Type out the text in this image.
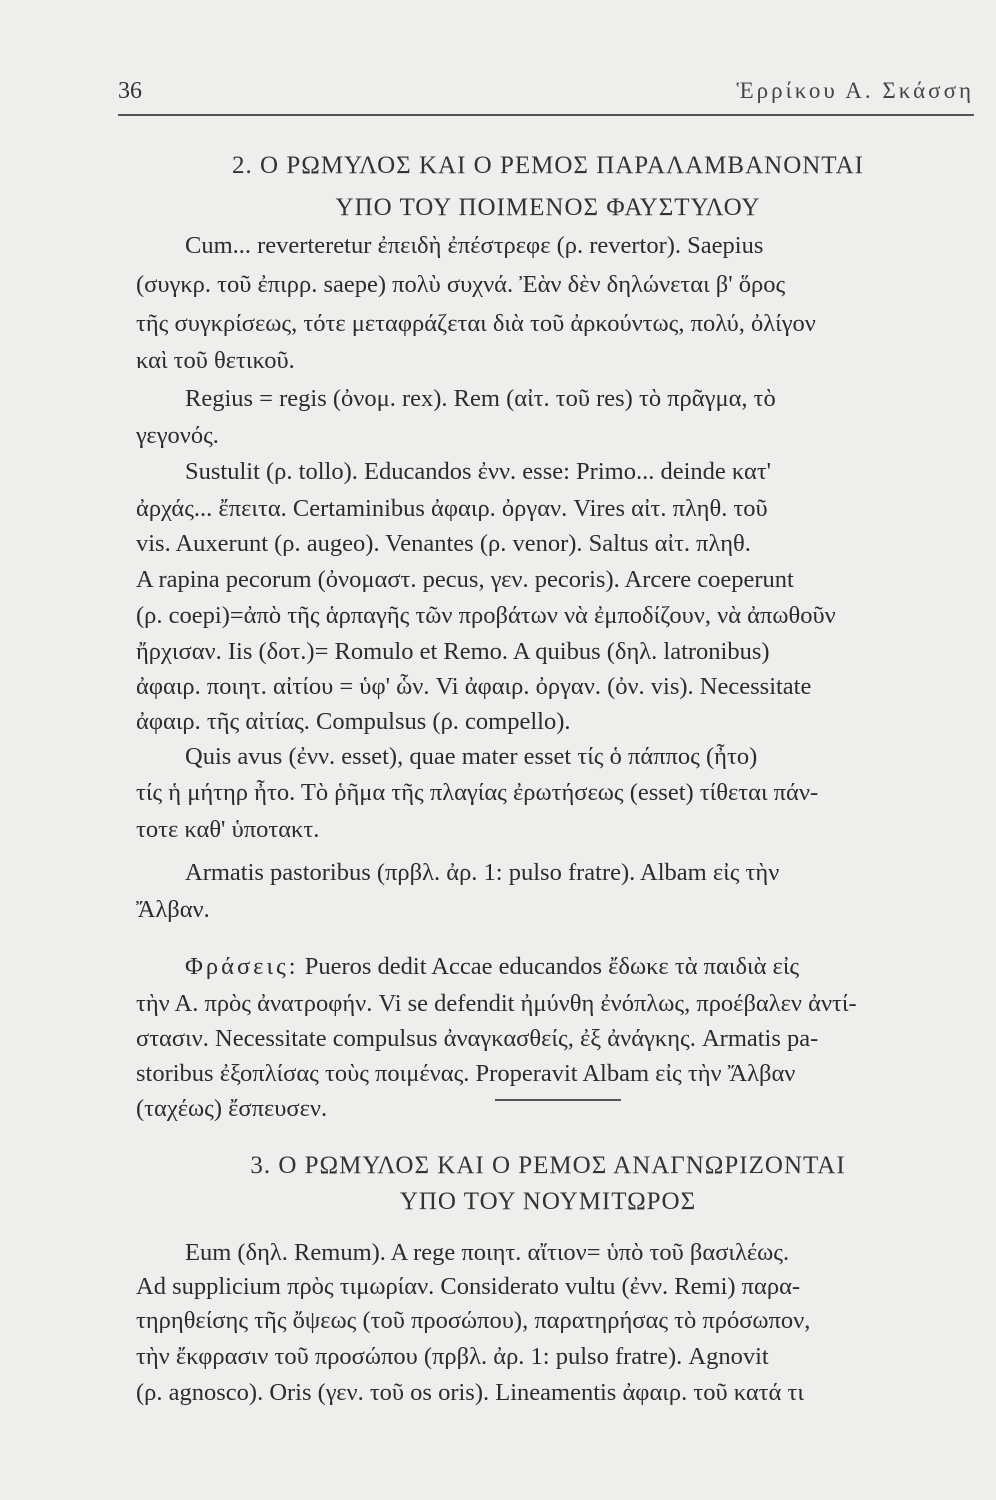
36	Ἑρρίκου Α. Σκάσση
2. Ο ΡΩΜΥΛΟΣ ΚΑΙ Ο ΡΕΜΟΣ ΠΑΡΑΛΑΜΒΑΝΟΝΤΑΙ
ΥΠΟ ΤΟΥ ΠΟΙΜΕΝΟΣ ΦΑΥΣΤΥΛΟΥ
Cum... reverteretur ἐπειδὴ ἐπέστρεφε (ρ. revertor). Saepius
(συγκρ. τοῦ ἐπιρρ. saepe) πολὺ συχνά. Ἐὰν δὲν δηλώνεται β' ὅρος
τῆς συγκρίσεως, τότε μεταφράζεται διὰ τοῦ ἀρκούντως, πολύ, ὀλίγον
καὶ τοῦ θετικοῦ.
Regius = regis (ὀνομ. rex). Rem (αἰτ. τοῦ res) τὸ πρᾶγμα, τὸ
γεγονός.
Sustulit (ρ. tollo). Educandos ἐνν. esse: Primo... deinde κατ'
ἀρχάς... ἔπειτα. Certaminibus ἀφαιρ. ὀργαν. Vires αἰτ. πληθ. τοῦ
vis. Auxerunt (ρ. augeo). Venantes (ρ. venor). Saltus αἰτ. πληθ.
A rapina pecorum (ὀνομαστ. pecus, γεν. pecoris). Arcere coeperunt
(ρ. coepi)=ἀπὸ τῆς ἁρπαγῆς τῶν προβάτων νὰ ἐμποδίζουν, νὰ ἀπωθοῦν
ἤρχισαν. Iis (δοτ.)= Romulo et Remo. A quibus (δηλ. latronibus)
ἀφαιρ. ποιητ. αἰτίου = ὑφ' ὧν. Vi ἀφαιρ. ὀργαν. (ὀν. vis). Necessitate
ἀφαιρ. τῆς αἰτίας. Compulsus (ρ. compello).
Quis avus (ἐνν. esset), quae mater esset τίς ὁ πάππος (ἦτο)
τίς ἡ μήτηρ ἦτο. Τὸ ῥῆμα τῆς πλαγίας ἐρωτήσεως (esset) τίθεται πάν-
τοτε καθ' ὑποτακτ.
Armatis pastoribus (πρβλ. ἀρ. 1: pulso fratre). Albam εἰς τὴν
Ἄλβαν.
Φράσεις: Pueros dedit Accae educandos ἔδωκε τὰ παιδιὰ εἰς
τὴν Α. πρὸς ἀνατροφήν. Vi se defendit ἠμύνθη ἐνόπλως, προέβαλεν ἀντί-
στασιν. Necessitate compulsus ἀναγκασθείς, ἐξ ἀνάγκης. Armatis pa-
storibus ἐξοπλίσας τοὺς ποιμένας. Properavit Albam εἰς τὴν Ἄλβαν
(ταχέως) ἔσπευσεν.
3. Ο ΡΩΜΥΛΟΣ ΚΑΙ Ο ΡΕΜΟΣ ΑΝΑΓΝΩΡΙΖΟΝΤΑΙ
ΥΠΟ ΤΟΥ ΝΟΥΜΙΤΩΡΟΣ
Eum (δηλ. Remum). A rege ποιητ. αἴτιον= ὑπὸ τοῦ βασιλέως.
Ad supplicium πρὸς τιμωρίαν. Considerato vultu (ἐνν. Remi) παρα-
τηρηθείσης τῆς ὄψεως (τοῦ προσώπου), παρατηρήσας τὸ πρόσωπον,
τὴν ἔκφρασιν τοῦ προσώπου (πρβλ. ἀρ. 1: pulso fratre). Agnovit
(ρ. agnosco). Oris (γεν. τοῦ os oris). Lineamentis ἀφαιρ. τοῦ κατά τι
